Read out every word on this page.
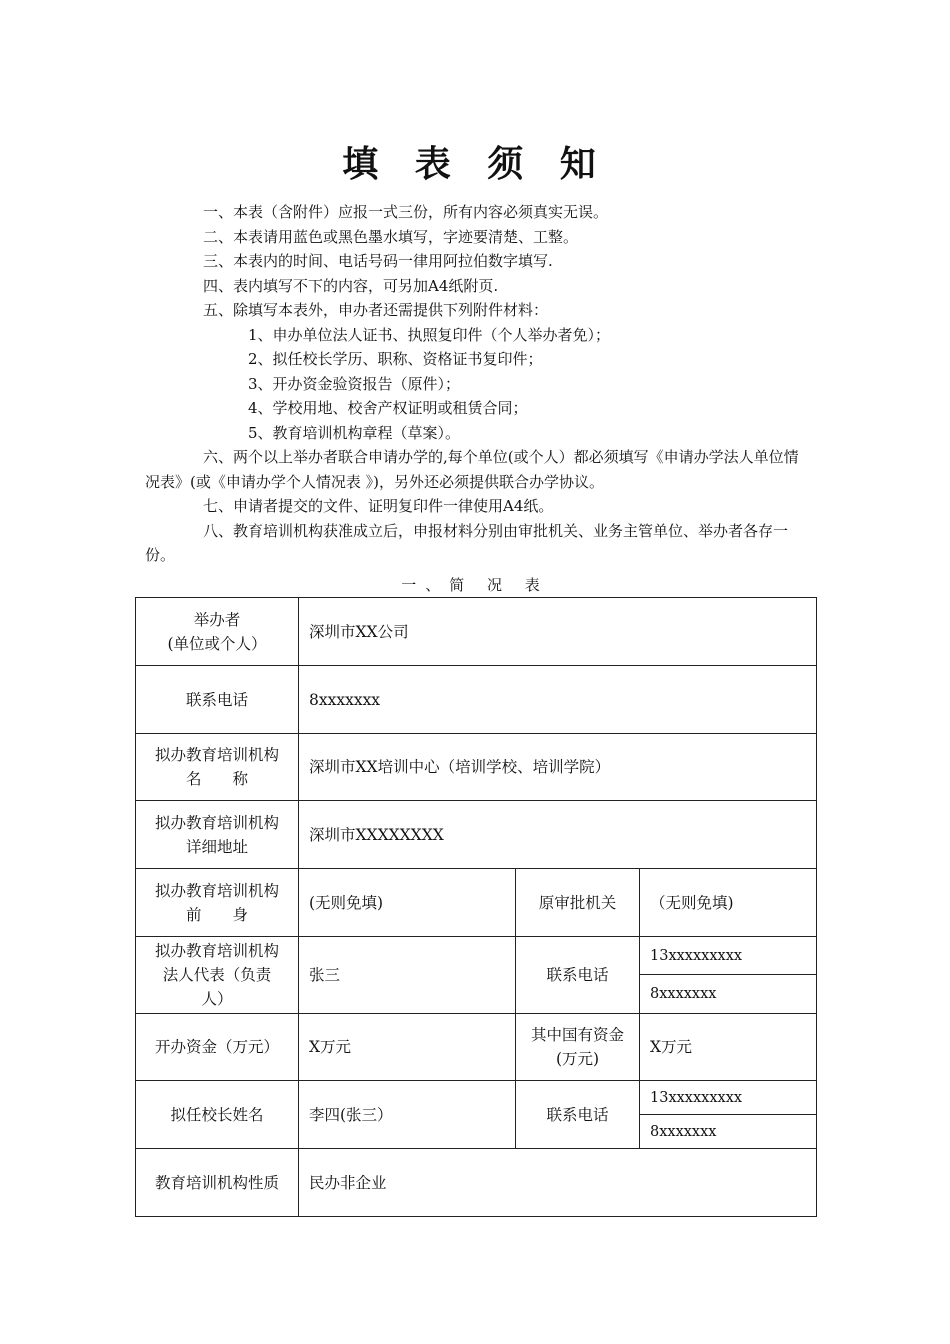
填 表 须 知

一、本表（含附件）应报一式三份，所有内容必须真实无误。

二、本表请用蓝色或黑色墨水填写，字迹要清楚、工整。

三、本表内的时间、电话号码一律用阿拉伯数字填写.

四、表内填写不下的内容，可另加A4纸附页.

五、除填写本表外，申办者还需提供下列附件材料：

1、申办单位法人证书、执照复印件（个人举办者免）；

2、拟任校长学历、职称、资格证书复印件；

3、开办资金验资报告（原件）；

4、学校用地、校舍产权证明或租赁合同；

5、教育培训机构章程（草案）。

六、两个以上举办者联合申请办学的,每个单位(或个人）都必须填写《申请办学法人单位情况表》(或《申请办学个人情况表 》)，另外还必须提供联合办学协议。

七、申请者提交的文件、证明复印件一律使用A4纸。

八、教育培训机构获准成立后，申报材料分别由审批机关、业务主管单位、举办者各存一份。

一、简 况 表
举办者
(单位或个人）	深圳市XX公司		
联系电话	8xxxxxxx		

拟办教育培训机构
名　　称	深圳市XX培训中心（培训学校、培训学院）		

拟办教育培训机构
详细地址	深圳市XXXXXXXX		

拟办教育培训机构
前　　身	(无则免填)	原审批机关	（无则免填)

拟办教育培训机构
法人代表（负责
人）	张三	联系电话	13xxxxxxxxx
			8xxxxxxx
开办资金（万元）	X万元	其中国有资金
(万元)	X万元
拟任校长姓名	李四(张三）	联系电话	13xxxxxxxxx
			8xxxxxxx
教育培训机构性质	民办非企业		
